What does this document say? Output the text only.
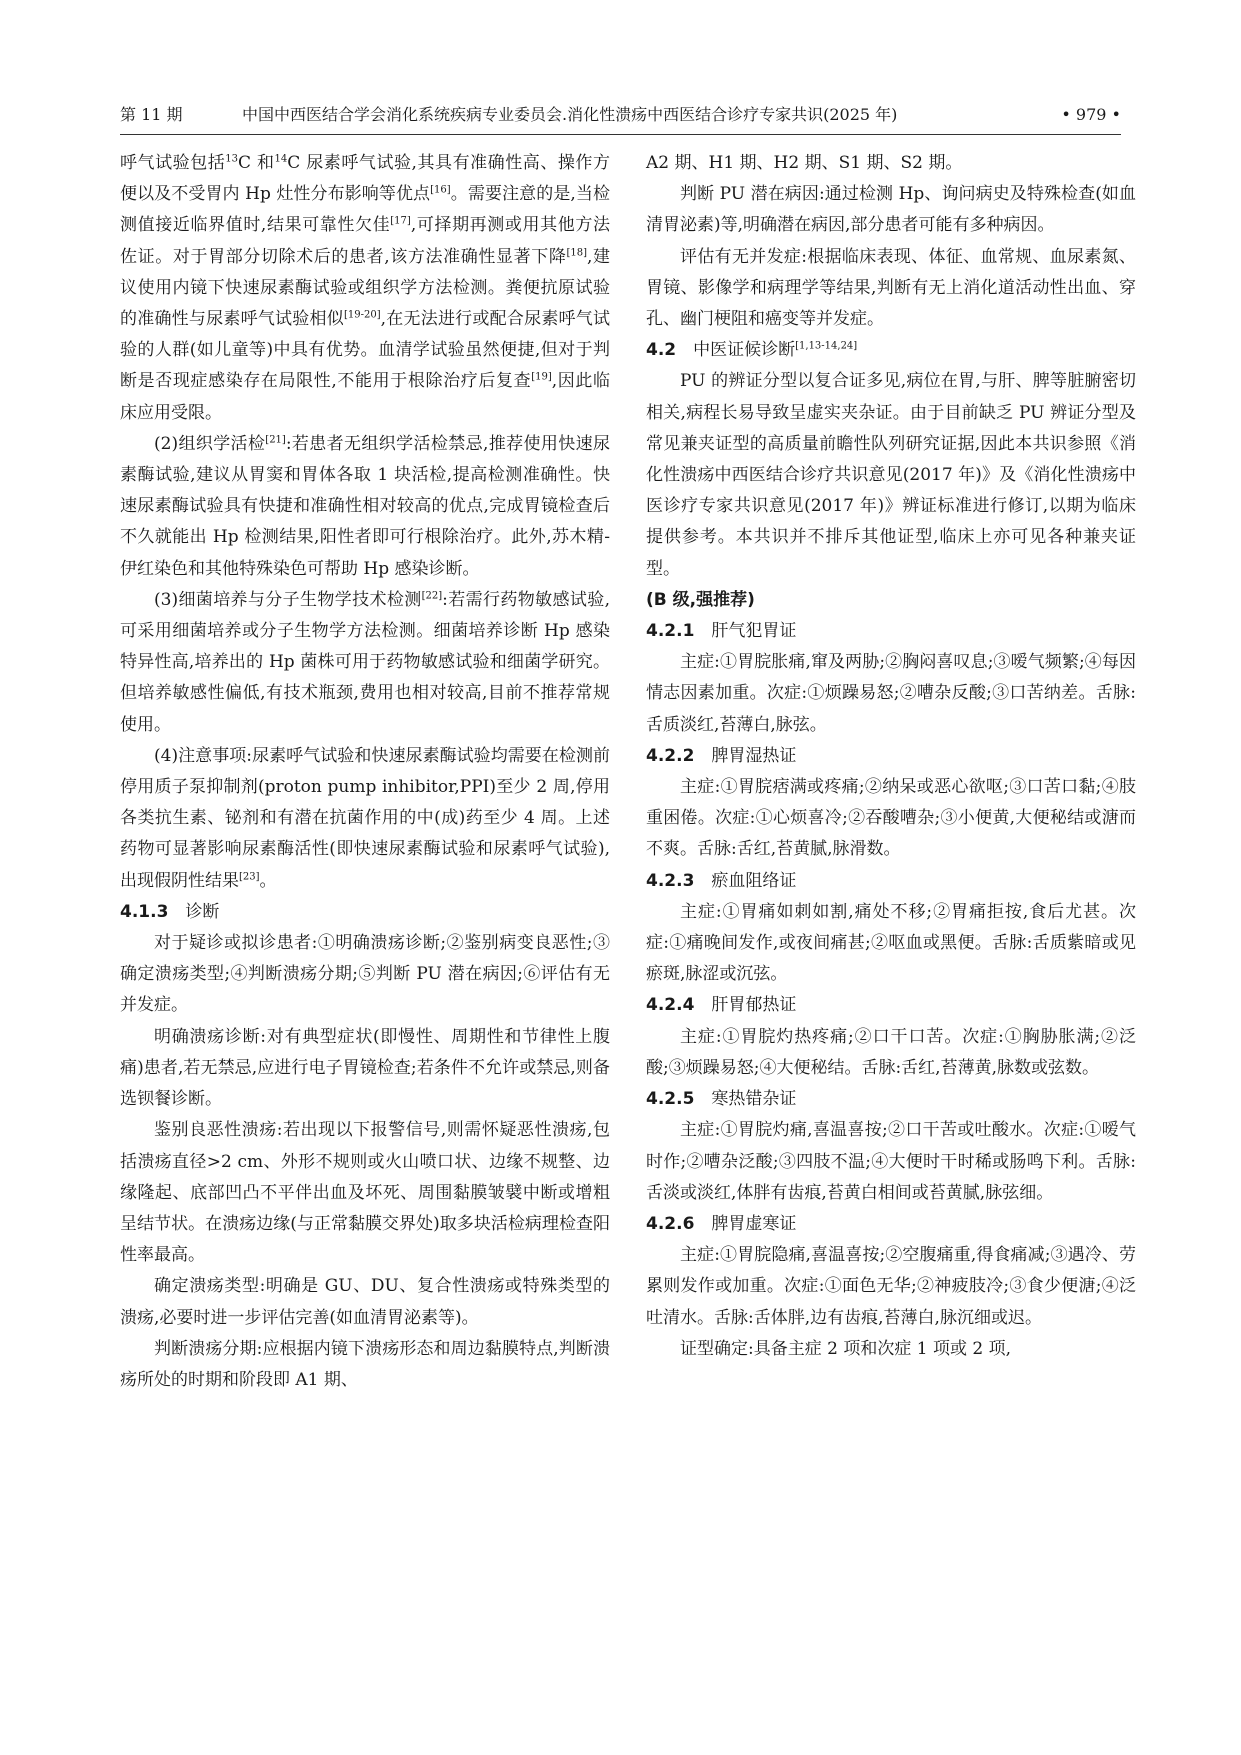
第 11 期	中国中西医结合学会消化系统疾病专业委员会.消化性溃疡中西医结合诊疗专家共识(2025 年)	• 979 •

呼气试验包括$^{13}$C 和$^{14}$C 尿素呼气试验,其具有准确性高、操作方便以及不受胃内 Hp 灶性分布影响等优点[16]。需要注意的是,当检测值接近临界值时,结果可靠性欠佳[17],可择期再测或用其他方法佐证。对于胃部分切除术后的患者,该方法准确性显著下降[18],建议使用内镜下快速尿素酶试验或组织学方法检测。粪便抗原试验的准确性与尿素呼气试验相似[19-20],在无法进行或配合尿素呼气试验的人群(如儿童等)中具有优势。血清学试验虽然便捷,但对于判断是否现症感染存在局限性,不能用于根除治疗后复查[19],因此临床应用受限。

(2)组织学活检[21]:若患者无组织学活检禁忌,推荐使用快速尿素酶试验,建议从胃窦和胃体各取 1 块活检,提高检测准确性。快速尿素酶试验具有快捷和准确性相对较高的优点,完成胃镜检查后不久就能出 Hp 检测结果,阳性者即可行根除治疗。此外,苏木精-伊红染色和其他特殊染色可帮助 Hp 感染诊断。

(3)细菌培养与分子生物学技术检测[22]:若需行药物敏感试验,可采用细菌培养或分子生物学方法检测。细菌培养诊断 Hp 感染特异性高,培养出的 Hp 菌株可用于药物敏感试验和细菌学研究。但培养敏感性偏低,有技术瓶颈,费用也相对较高,目前不推荐常规使用。

(4)注意事项:尿素呼气试验和快速尿素酶试验均需要在检测前停用质子泵抑制剂(proton pump inhibitor,PPI)至少 2 周,停用各类抗生素、铋剂和有潜在抗菌作用的中(成)药至少 4 周。上述药物可显著影响尿素酶活性(即快速尿素酶试验和尿素呼气试验),出现假阴性结果[23]。

4.1.3 诊断

对于疑诊或拟诊患者:①明确溃疡诊断;②鉴别病变良恶性;③确定溃疡类型;④判断溃疡分期;⑤判断 PU 潜在病因;⑥评估有无并发症。

明确溃疡诊断:对有典型症状(即慢性、周期性和节律性上腹痛)患者,若无禁忌,应进行电子胃镜检查;若条件不允许或禁忌,则备选钡餐诊断。

鉴别良恶性溃疡:若出现以下报警信号,则需怀疑恶性溃疡,包括溃疡直径>2 cm、外形不规则或火山喷口状、边缘不规整、边缘隆起、底部凹凸不平伴出血及坏死、周围黏膜皱襞中断或增粗呈结节状。在溃疡边缘(与正常黏膜交界处)取多块活检病理检查阳性率最高。

确定溃疡类型:明确是 GU、DU、复合性溃疡或特殊类型的溃疡,必要时进一步评估完善(如血清胃泌素等)。

判断溃疡分期:应根据内镜下溃疡形态和周边黏膜特点,判断溃疡所处的时期和阶段即 A1 期、

A2 期、H1 期、H2 期、S1 期、S2 期。

判断 PU 潜在病因:通过检测 Hp、询问病史及特殊检查(如血清胃泌素)等,明确潜在病因,部分患者可能有多种病因。

评估有无并发症:根据临床表现、体征、血常规、血尿素氮、胃镜、影像学和病理学等结果,判断有无上消化道活动性出血、穿孔、幽门梗阻和癌变等并发症。

4.2 中医证候诊断[1,13-14,24]

PU 的辨证分型以复合证多见,病位在胃,与肝、脾等脏腑密切相关,病程长易导致呈虚实夹杂证。由于目前缺乏 PU 辨证分型及常见兼夹证型的高质量前瞻性队列研究证据,因此本共识参照《消化性溃疡中西医结合诊疗共识意见(2017 年)》及《消化性溃疡中医诊疗专家共识意见(2017 年)》辨证标准进行修订,以期为临床提供参考。本共识并不排斥其他证型,临床上亦可见各种兼夹证型。

(B 级,强推荐)

4.2.1 肝气犯胃证

主症:①胃脘胀痛,窜及两胁;②胸闷喜叹息;③嗳气频繁;④每因情志因素加重。次症:①烦躁易怒;②嘈杂反酸;③口苦纳差。舌脉:舌质淡红,苔薄白,脉弦。

4.2.2 脾胃湿热证

主症:①胃脘痞满或疼痛;②纳呆或恶心欲呕;③口苦口黏;④肢重困倦。次症:①心烦喜冷;②吞酸嘈杂;③小便黄,大便秘结或溏而不爽。舌脉:舌红,苔黄腻,脉滑数。

4.2.3 瘀血阻络证

主症:①胃痛如刺如割,痛处不移;②胃痛拒按,食后尤甚。次症:①痛晚间发作,或夜间痛甚;②呕血或黑便。舌脉:舌质紫暗或见瘀斑,脉涩或沉弦。

4.2.4 肝胃郁热证

主症:①胃脘灼热疼痛;②口干口苦。次症:①胸胁胀满;②泛酸;③烦躁易怒;④大便秘结。舌脉:舌红,苔薄黄,脉数或弦数。

4.2.5 寒热错杂证

主症:①胃脘灼痛,喜温喜按;②口干苦或吐酸水。次症:①嗳气时作;②嘈杂泛酸;③四肢不温;④大便时干时稀或肠鸣下利。舌脉:舌淡或淡红,体胖有齿痕,苔黄白相间或苔黄腻,脉弦细。

4.2.6 脾胃虚寒证

主症:①胃脘隐痛,喜温喜按;②空腹痛重,得食痛减;③遇冷、劳累则发作或加重。次症:①面色无华;②神疲肢冷;③食少便溏;④泛吐清水。舌脉:舌体胖,边有齿痕,苔薄白,脉沉细或迟。

证型确定:具备主症 2 项和次症 1 项或 2 项,
